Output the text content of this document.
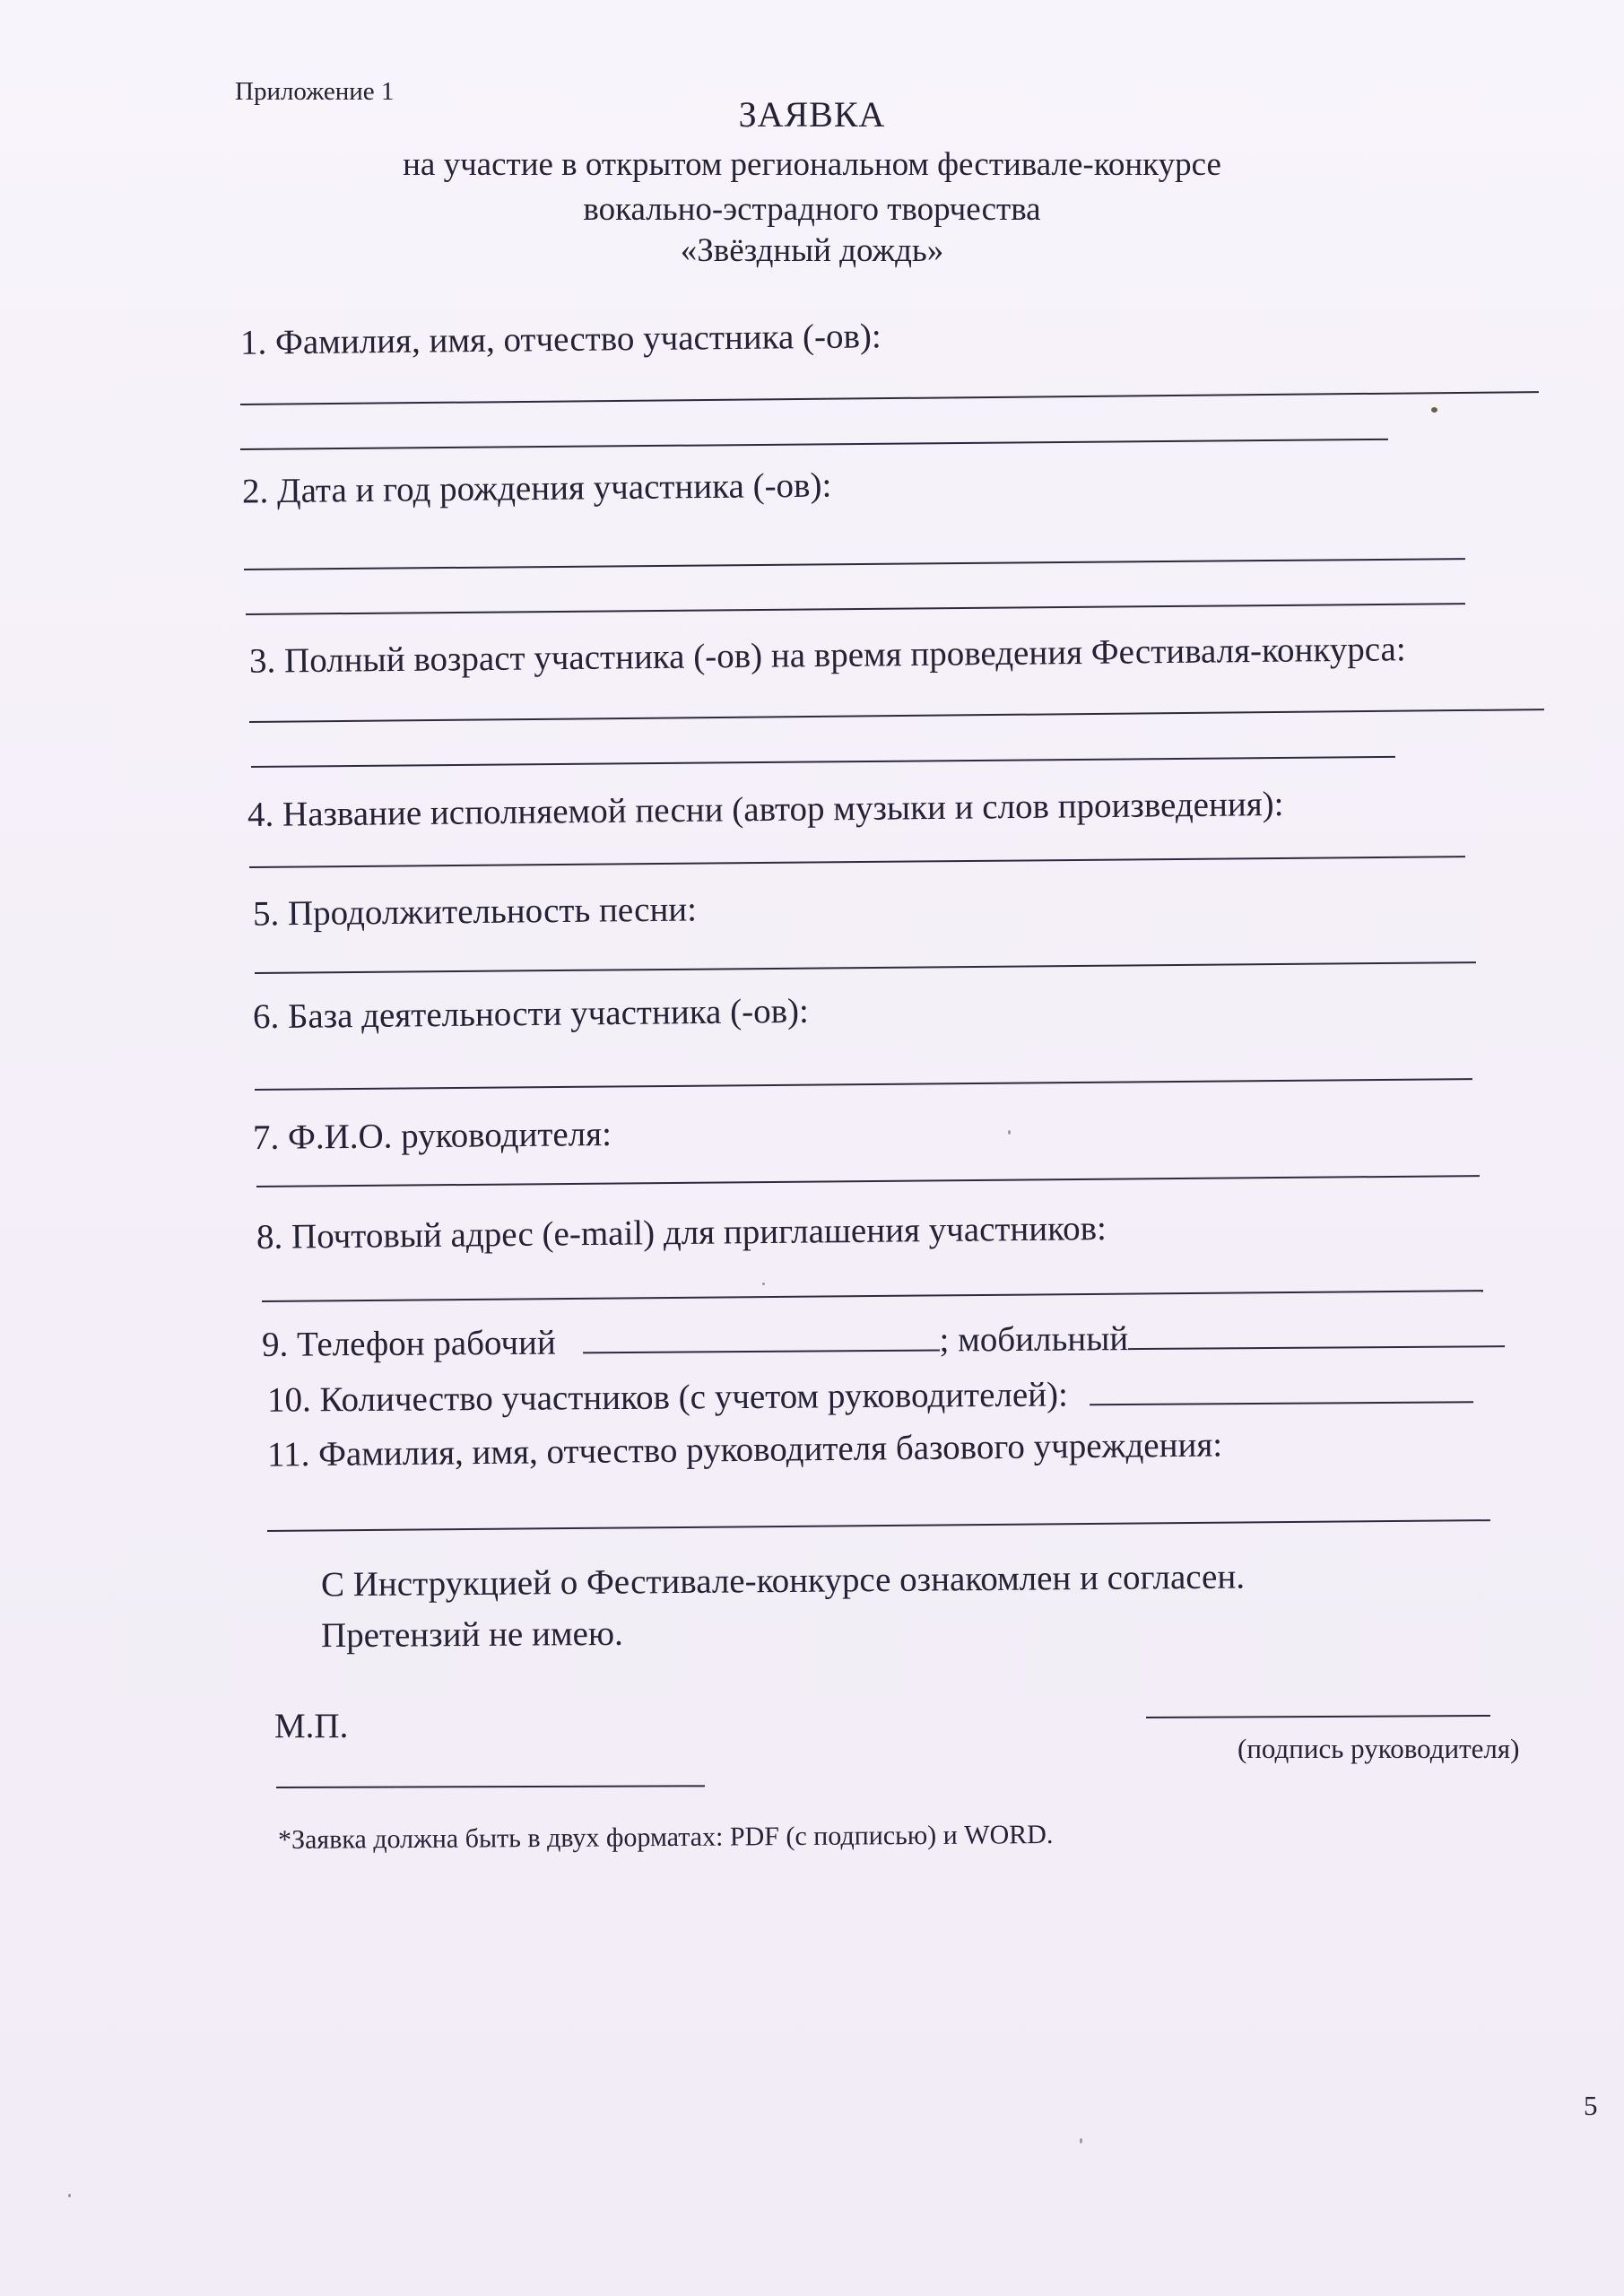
Приложение 1
ЗАЯВКА
на участие в открытом региональном фестивале-конкурсе
вокально-эстрадного творчества
«Звёздный дождь»
1. Фамилия, имя, отчество участника (-ов):
2. Дата и год рождения участника (-ов):
3. Полный возраст участника (-ов) на время проведения Фестиваля-конкурса:
4. Название исполняемой песни (автор музыки и слов произведения):
5. Продолжительность песни:
6. База деятельности участника (-ов):
7. Ф.И.О. руководителя:
8. Почтовый адрес (e-mail) для приглашения участников:
9. Телефон рабочий	; мобильный
10. Количество участников (с учетом руководителей):
11. Фамилия, имя, отчество руководителя базового учреждения:
С Инструкцией о Фестивале-конкурсе ознакомлен и согласен.
Претензий не имею.
М.П.
(подпись руководителя)
*Заявка должна быть в двух форматах: PDF (с подписью) и WORD.
5
